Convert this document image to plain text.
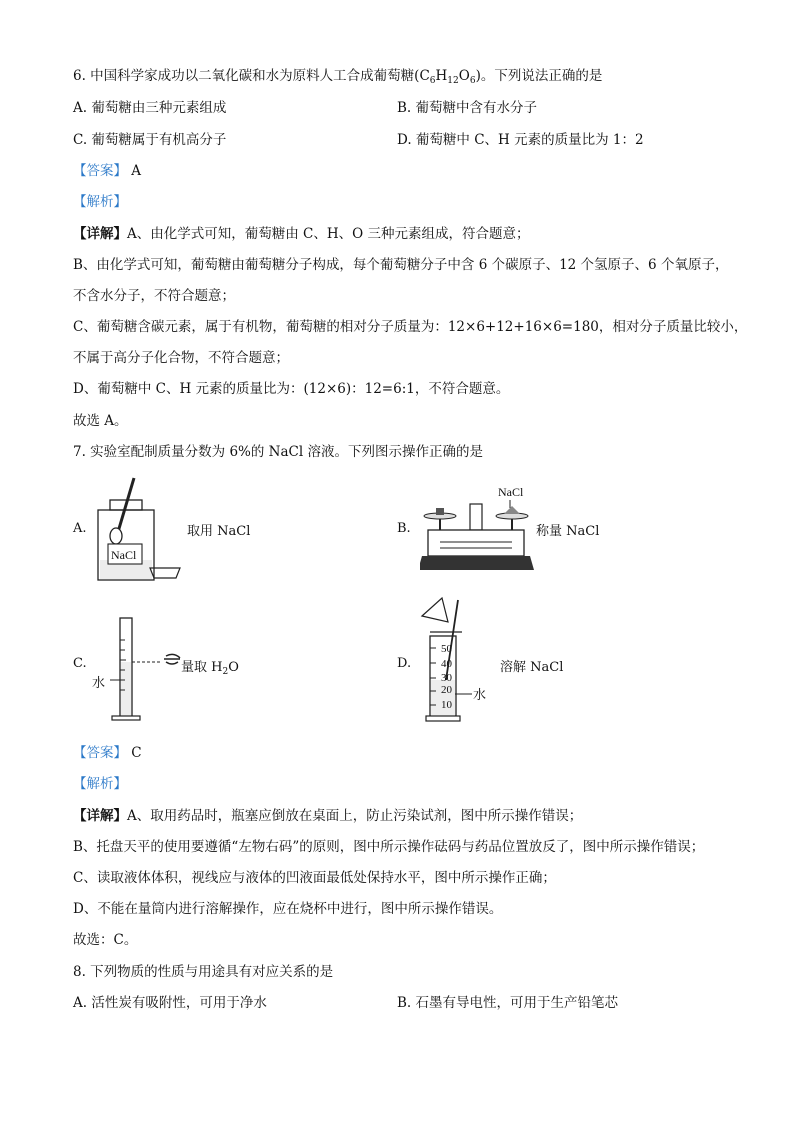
6. 中国科学家成功以二氧化碳和水为原料人工合成葡萄糖$(C_6H_{12}O_6)$。下列说法正确的是
A. 葡萄糖由三种元素组成	B. 葡萄糖中含有水分子
C. 葡萄糖属于有机高分子	D. 葡萄糖中 C、H 元素的质量比为 1：2
【 答案 】 A
【 解析 】
【详解】A、由化学式可知，葡萄糖由 C、H、O 三种元素组成，符合题意；
B、由化学式可知，葡萄糖由葡萄糖分子构成，每个葡萄糖分子中含 6 个碳原子、12 个氢原子、6 个氧原子，
不含水分子，不符合题意；
C、葡萄糖含碳元素，属于有机物，葡萄糖的相对分子质量为：12×6+12+16×6=180，相对分子质量比较小，
不属于高分子化合物，不符合题意；
D、葡萄糖中 C、H 元素的质量比为：(12×6)：12=6:1，不符合题意。
故选 A。
7. 实验室配制质量分数为 6%的 NaCl 溶液。下列图示操作正确的是
A.
NaCl
取用 NaCl	B.
NaCl
称量 NaCl
C.
水
量取 $H_2O$	D.
50
40
30
20
10
水
溶解 NaCl
【 答案 】 C
【 解析 】
【详解】A、取用药品时，瓶塞应倒放在桌面上，防止污染试剂，图中所示操作错误；
B、托盘天平的使用要遵循“左物右码”的原则，图中所示操作砝码与药品位置放反了，图中所示操作错误；
C、读取液体体积，视线应与液体的凹液面最低处保持水平，图中所示操作正确；
D、不能在量筒内进行溶解操作，应在烧杯中进行，图中所示操作错误。
故选：C。
8. 下列物质的性质与用途具有对应关系的是
A. 活性炭有吸附性，可用于净水	B. 石墨有导电性，可用于生产铅笔芯
